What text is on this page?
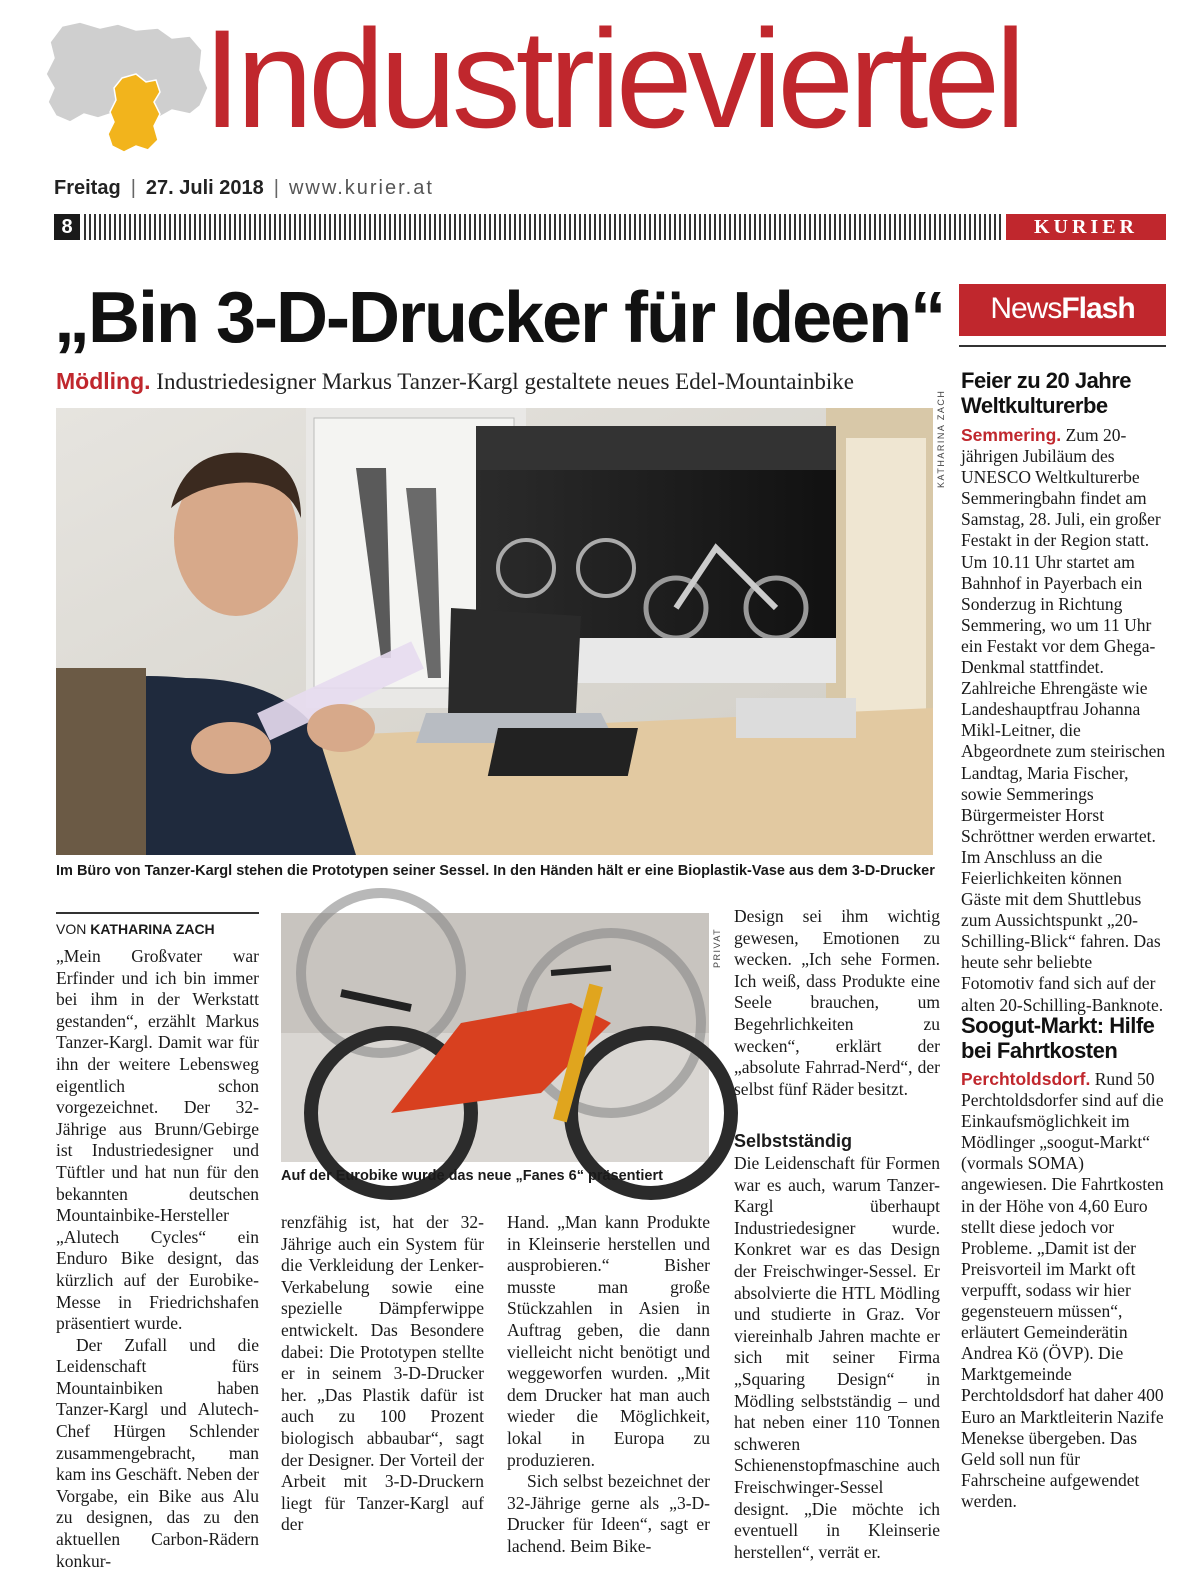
Industrieviertel
Freitag | 27. Juli 2018 | www.kurier.at
8	KURIER
„Bin 3-D-Drucker für Ideen“
Mödling. Industriedesigner Markus Tanzer-Kargl gestaltete neues Edel-Mountainbike
KATHARINA ZACH
Im Büro von Tanzer-Kargl stehen die Prototypen seiner Sessel. In den Händen hält er eine Bioplastik-Vase aus dem 3-D-Drucker
VON KATHARINA ZACH

„Mein Großvater war Erfinder und ich bin immer bei ihm in der Werkstatt gestanden“, erzählt Markus Tanzer-Kargl. Damit war für ihn der weitere Lebensweg eigentlich schon vorgezeichnet. Der 32-Jährige aus Brunn/Gebirge ist Industriedesigner und Tüftler und hat nun für den bekannten deutschen Mountainbike-Hersteller „Alutech Cycles“ ein Enduro Bike designt, das kürzlich auf der Eurobike-Messe in Friedrichshafen präsentiert wurde.

Der Zufall und die Leidenschaft fürs Mountainbiken haben Tanzer-Kargl und Alutech-Chef Hürgen Schlender zusammengebracht, man kam ins Geschäft. Neben der Vorgabe, ein Bike aus Alu zu designen, das zu den aktuellen Carbon-Rädern konkur-

PRIVAT
Auf der Eurobike wurde das neue „Fanes 6“ präsentiert

renzfähig ist, hat der 32-Jährige auch ein System für die Verkleidung der Lenker-Verkabelung sowie eine spezielle Dämpferwippe entwickelt. Das Besondere dabei: Die Prototypen stellte er in seinem 3-D-Drucker her. „Das Plastik dafür ist auch zu 100 Prozent biologisch abbaubar“, sagt der Designer. Der Vorteil der Arbeit mit 3-D-Druckern liegt für Tanzer-Kargl auf der

Hand. „Man kann Produkte in Kleinserie herstellen und ausprobieren.“ Bisher musste man große Stückzahlen in Asien in Auftrag geben, die dann vielleicht nicht benötigt und weggeworfen wurden. „Mit dem Drucker hat man auch wieder die Möglichkeit, lokal in Europa zu produzieren.

Sich selbst bezeichnet der 32-Jährige gerne als „3-D-Drucker für Ideen“, sagt er lachend. Beim Bike-

Design sei ihm wichtig gewesen, Emotionen zu wecken. „Ich sehe Formen. Ich weiß, dass Produkte eine Seele brauchen, um Begehrlichkeiten zu wecken“, erklärt der „absolute Fahrrad-Nerd“, der selbst fünf Räder besitzt.

Selbstständig

Die Leidenschaft für Formen war es auch, warum Tanzer-Kargl überhaupt Industriedesigner wurde. Konkret war es das Design der Freischwinger-Sessel. Er absolvierte die HTL Mödling und studierte in Graz. Vor viereinhalb Jahren machte er sich mit seiner Firma „Squaring Design“ in Mödling selbstständig – und hat neben einer 110 Tonnen schweren Schienenstopfmaschine auch Freischwinger-Sessel designt. „Die möchte ich eventuell in Kleinserie herstellen“, verrät er.

NewsFlash
Feier zu 20 Jahre Weltkulturerbe

Semmering. Zum 20-jährigen Jubiläum des UNESCO Weltkulturerbe Semmeringbahn findet am Samstag, 28. Juli, ein großer Festakt in der Region statt. Um 10.11 Uhr startet am Bahnhof in Payerbach ein Sonderzug in Richtung Semmering, wo um 11 Uhr ein Festakt vor dem Ghega-Denkmal stattfindet. Zahlreiche Ehrengäste wie Landeshauptfrau Johanna Mikl-Leitner, die Abgeordnete zum steirischen Landtag, Maria Fischer, sowie Semmerings Bürgermeister Horst Schröttner werden erwartet. Im Anschluss an die Feierlichkeiten können Gäste mit dem Shuttlebus zum Aussichtspunkt „20-Schilling-Blick“ fahren. Das heute sehr beliebte Fotomotiv fand sich auf der alten 20-Schilling-Banknote.

Soogut-Markt: Hilfe bei Fahrtkosten

Perchtoldsdorf. Rund 50 Perchtoldsdorfer sind auf die Einkaufsmöglichkeit im Mödlinger „soogut-Markt“ (vormals SOMA) angewiesen. Die Fahrtkosten in der Höhe von 4,60 Euro stellt diese jedoch vor Probleme. „Damit ist der Preisvorteil im Markt oft verpufft, sodass wir hier gegensteuern müssen“, erläutert Gemeinderätin Andrea Kö (ÖVP). Die Marktgemeinde Perchtoldsdorf hat daher 400 Euro an Marktleiterin Nazife Menekse übergeben. Das Geld soll nun für Fahrscheine aufgewendet werden.
